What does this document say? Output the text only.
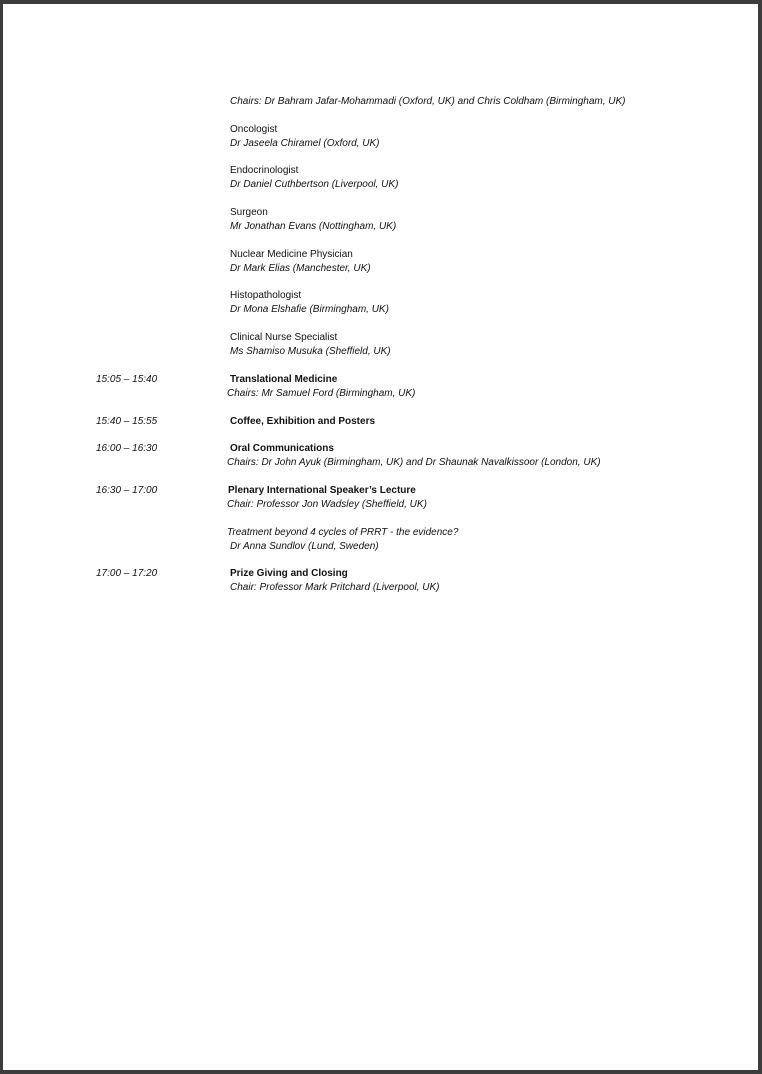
Chairs: Dr Bahram Jafar-Mohammadi (Oxford, UK) and Chris Coldham (Birmingham, UK)
Oncologist
Dr Jaseela Chiramel (Oxford, UK)
Endocrinologist
Dr Daniel Cuthbertson (Liverpool, UK)
Surgeon
Mr Jonathan Evans (Nottingham, UK)
Nuclear Medicine Physician
Dr Mark Elias (Manchester, UK)
Histopathologist
Dr Mona Elshafie (Birmingham, UK)
Clinical Nurse Specialist
Ms Shamiso Musuka (Sheffield, UK)
15:05 – 15:40	Translational Medicine
Chairs: Mr Samuel Ford (Birmingham, UK)
15:40 – 15:55	Coffee, Exhibition and Posters
16:00 – 16:30	Oral Communications
Chairs: Dr John Ayuk (Birmingham, UK) and Dr Shaunak Navalkissoor (London, UK)
16:30 – 17:00	Plenary International Speaker’s Lecture
Chair: Professor Jon Wadsley (Sheffield, UK)
Treatment beyond 4 cycles of PRRT - the evidence?
Dr Anna Sundlov (Lund, Sweden)
17:00 – 17:20	Prize Giving and Closing
Chair: Professor Mark Pritchard (Liverpool, UK)
